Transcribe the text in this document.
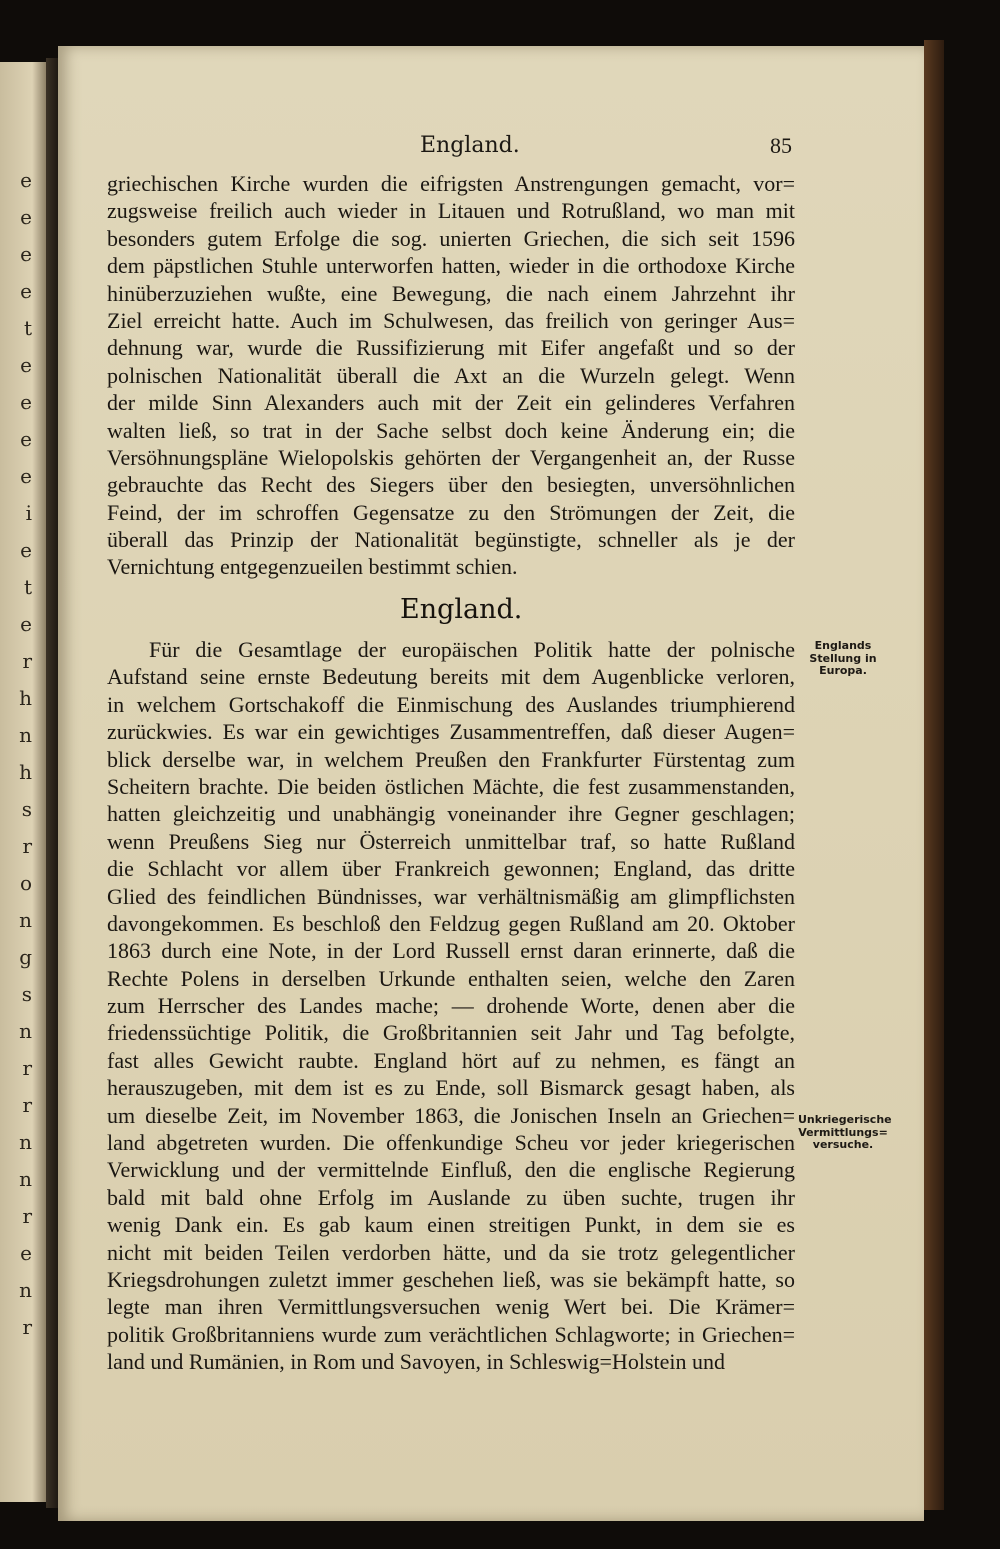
e
e
e
e
t
e
e
e
e
i
e
t
e
r
h
n
h
s
r
o
n
g
s
n
r
r
n
n
r
e
n
r
England.	85
griechischen Kirche wurden die eifrigsten Anstrengungen gemacht, vor=
zugsweise freilich auch wieder in Litauen und Rotrußland, wo man mit
besonders gutem Erfolge die sog. unierten Griechen, die sich seit 1596
dem päpstlichen Stuhle unterworfen hatten, wieder in die orthodoxe Kirche
hinüberzuziehen wußte, eine Bewegung, die nach einem Jahrzehnt ihr
Ziel erreicht hatte. Auch im Schulwesen, das freilich von geringer Aus=
dehnung war, wurde die Russifizierung mit Eifer angefaßt und so der
polnischen Nationalität überall die Axt an die Wurzeln gelegt. Wenn
der milde Sinn Alexanders auch mit der Zeit ein gelinderes Verfahren
walten ließ, so trat in der Sache selbst doch keine Änderung ein; die
Versöhnungspläne Wielopolskis gehörten der Vergangenheit an, der Russe
gebrauchte das Recht des Siegers über den besiegten, unversöhnlichen
Feind, der im schroffen Gegensatze zu den Strömungen der Zeit, die
überall das Prinzip der Nationalität begünstigte, schneller als je der
Vernichtung entgegenzueilen bestimmt schien.
England.
Für die Gesamtlage der europäischen Politik hatte der polnische
Aufstand seine ernste Bedeutung bereits mit dem Augenblicke verloren,
in welchem Gortschakoff die Einmischung des Auslandes triumphierend
zurückwies. Es war ein gewichtiges Zusammentreffen, daß dieser Augen=
blick derselbe war, in welchem Preußen den Frankfurter Fürstentag zum
Scheitern brachte. Die beiden östlichen Mächte, die fest zusammenstanden,
hatten gleichzeitig und unabhängig voneinander ihre Gegner geschlagen;
wenn Preußens Sieg nur Österreich unmittelbar traf, so hatte Rußland
die Schlacht vor allem über Frankreich gewonnen; England, das dritte
Glied des feindlichen Bündnisses, war verhältnismäßig am glimpflichsten
davongekommen. Es beschloß den Feldzug gegen Rußland am 20. Oktober
1863 durch eine Note, in der Lord Russell ernst daran erinnerte, daß die
Rechte Polens in derselben Urkunde enthalten seien, welche den Zaren
zum Herrscher des Landes mache; — drohende Worte, denen aber die
friedenssüchtige Politik, die Großbritannien seit Jahr und Tag befolgte,
fast alles Gewicht raubte. England hört auf zu nehmen, es fängt an
herauszugeben, mit dem ist es zu Ende, soll Bismarck gesagt haben, als
um dieselbe Zeit, im November 1863, die Jonischen Inseln an Griechen=
land abgetreten wurden. Die offenkundige Scheu vor jeder kriegerischen
Verwicklung und der vermittelnde Einfluß, den die englische Regierung
bald mit bald ohne Erfolg im Auslande zu üben suchte, trugen ihr
wenig Dank ein. Es gab kaum einen streitigen Punkt, in dem sie es
nicht mit beiden Teilen verdorben hätte, und da sie trotz gelegentlicher
Kriegsdrohungen zuletzt immer geschehen ließ, was sie bekämpft hatte, so
legte man ihren Vermittlungsversuchen wenig Wert bei. Die Krämer=
politik Großbritanniens wurde zum verächtlichen Schlagworte; in Griechen=
land und Rumänien, in Rom und Savoyen, in Schleswig=Holstein und
Englands
Stellung in
Europa.
Unkriegerische
Vermittlungs=
versuche.
